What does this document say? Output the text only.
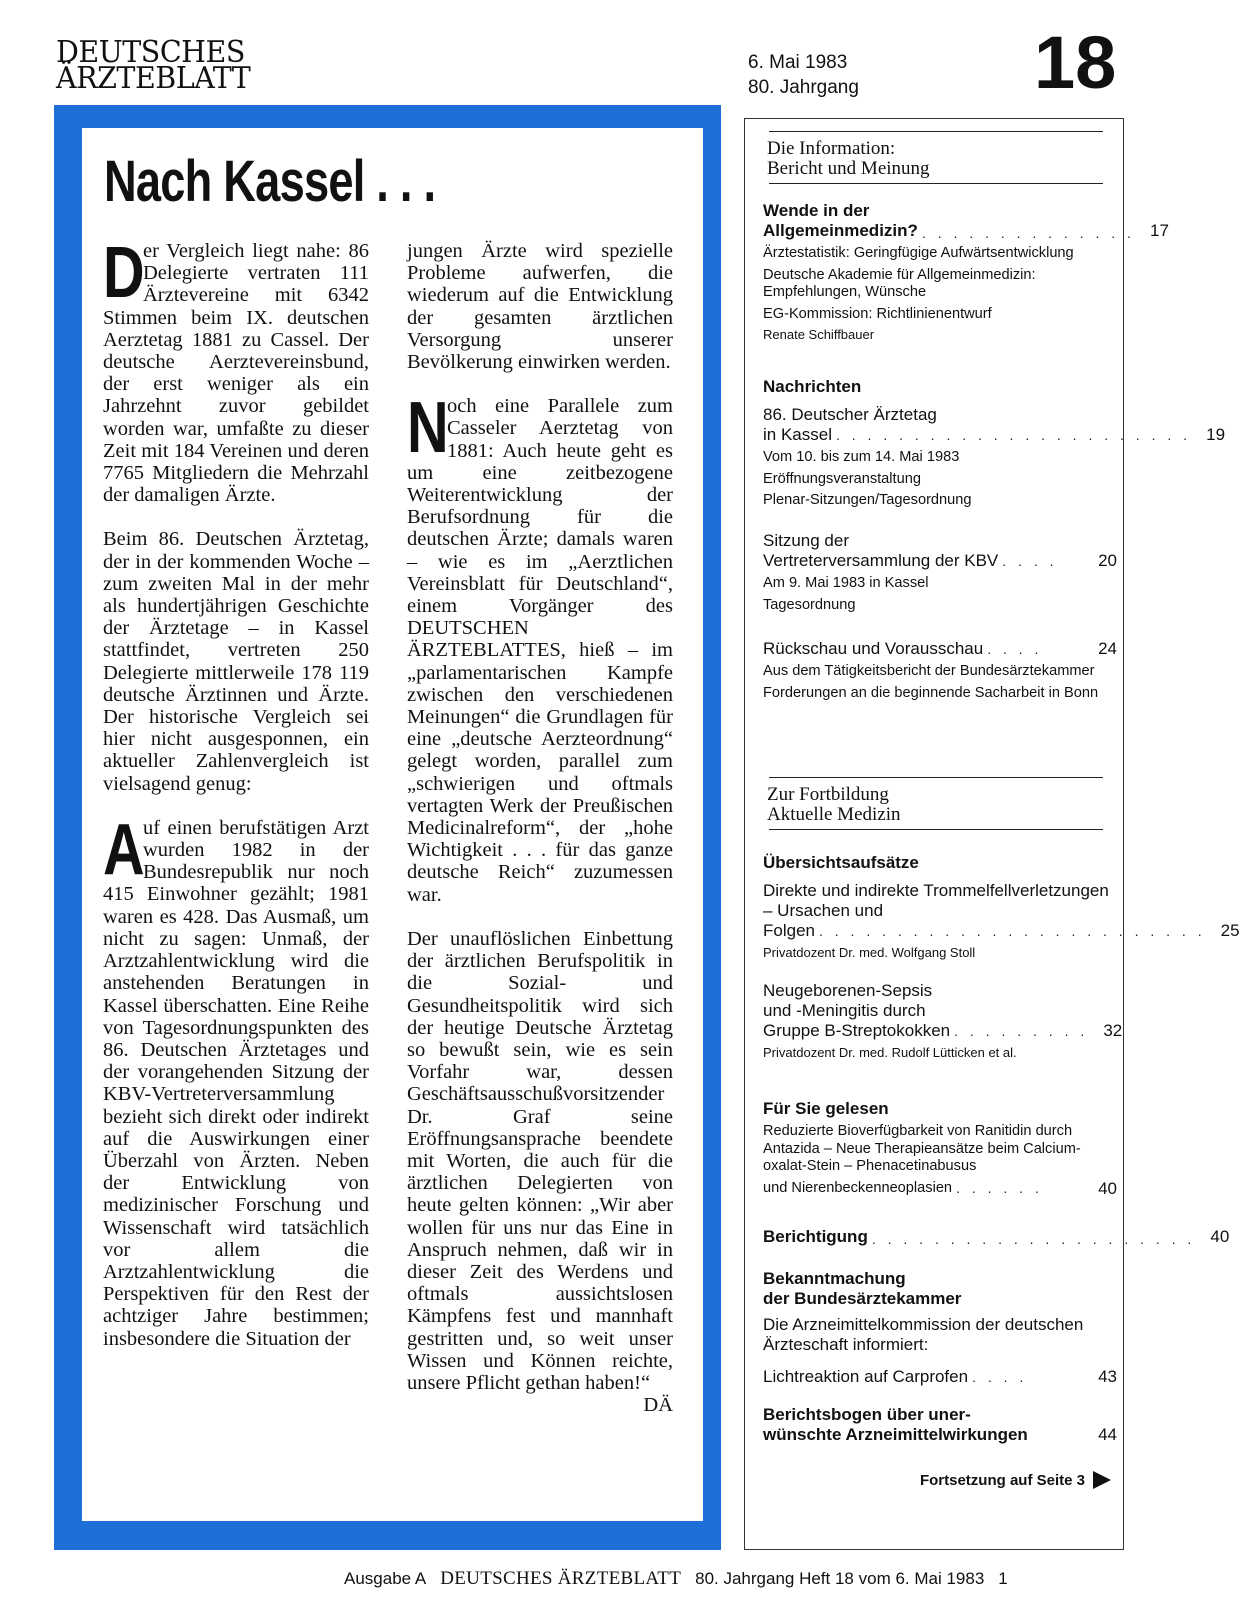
DEUTSCHES
ÄRZTEBLATT	6. Mai 1983
80. Jahrgang 18
Nach Kassel . . .

D
er Vergleich liegt nahe: 86 Delegierte vertraten 111 Ärztevereine mit 6342 Stimmen beim IX. deutschen Aerztetag 1881 zu Cassel. Der deutsche Aerztevereinsbund, der erst weniger als ein Jahrzehnt zuvor gebildet worden war, umfaßte zu dieser Zeit mit 184 Vereinen und deren 7765 Mitgliedern die Mehrzahl der damaligen Ärzte.

Beim 86. Deutschen Ärztetag, der in der kommenden Woche – zum zweiten Mal in der mehr als hundertjährigen Geschichte der Ärztetage – in Kassel stattfindet, vertreten 250 Delegierte mittlerweile 178 119 deutsche Ärztinnen und Ärzte. Der historische Vergleich sei hier nicht ausgesponnen, ein aktueller Zahlenvergleich ist vielsagend genug:

A
uf einen berufstätigen Arzt wurden 1982 in der Bundesrepublik nur noch 415 Einwohner gezählt; 1981 waren es 428. Das Ausmaß, um nicht zu sagen: Unmaß, der Arztzahlentwicklung wird die anstehenden Beratungen in Kassel überschatten. Eine Reihe von Tagesordnungspunkten des 86. Deutschen Ärztetages und der vorangehenden Sitzung der KBV-Vertreterversammlung bezieht sich direkt oder indirekt auf die Auswirkungen einer Überzahl von Ärzten. Neben der Entwicklung von medizinischer Forschung und Wissenschaft wird tatsächlich vor allem die Arztzahlentwicklung die Perspektiven für den Rest der achtziger Jahre bestimmen; insbesondere die Situation der

jungen Ärzte wird spezielle Probleme aufwerfen, die wiederum auf die Entwicklung der gesamten ärztlichen Versorgung unserer Bevölkerung einwirken werden.

N
och eine Parallele zum Casseler Aerztetag von 1881: Auch heute geht es um eine zeitbezogene Weiterentwicklung der Berufsordnung für die deutschen Ärzte; damals waren – wie es im „Aerztlichen Vereinsblatt für Deutschland“, einem Vorgänger des DEUTSCHEN ÄRZTEBLATTES, hieß – im „parlamentarischen Kampfe zwischen den verschiedenen Meinungen“ die Grundlagen für eine „deutsche Aerzteordnung“ gelegt worden, parallel zum „schwierigen und oftmals vertagten Werk der Preußischen Medicinalreform“, der „hohe Wichtigkeit . . . für das ganze deutsche Reich“ zuzumessen war.

Der unauflöslichen Einbettung der ärztlichen Berufspolitik in die Sozial- und Gesundheitspolitik wird sich der heutige Deutsche Ärztetag so bewußt sein, wie es sein Vorfahr war, dessen Geschäftsausschußvorsitzender Dr. Graf seine Eröffnungsansprache beendete mit Worten, die auch für die ärztlichen Delegierten von heute gelten können: „Wir aber wollen für uns nur das Eine in Anspruch nehmen, daß wir in dieser Zeit des Werdens und oftmals aussichtslosen Kämpfens fest und mannhaft gestritten und, so weit unser Wissen und Können reichte, unsere Pflicht gethan haben!“
DÄ

Die Information:
Bericht und Meinung
Wende in der
Allgemeinmedizin? . . . . . . . . . . . . . . 17
Ärztestatistik: Geringfügige Aufwärtsentwicklung
Deutsche Akademie für Allgemeinmedizin: Empfehlungen, Wünsche
EG-Kommission: Richtlinienentwurf
Renate Schiffbauer
Nachrichten
86. Deutscher Ärztetag
in Kassel . . . . . . . . . . . . . . . . . . . . . . . 19
Vom 10. bis zum 14. Mai 1983
Eröffnungsveranstaltung
Plenar-Sitzungen/Tagesordnung
Sitzung der
Vertreterversammlung der KBV . . . .	20
Am 9. Mai 1983 in Kassel
Tagesordnung
Rückschau und Vorausschau . . . .	24
Aus dem Tätigkeitsbericht der Bundesärztekammer
Forderungen an die beginnende Sacharbeit in Bonn
Zur Fortbildung
Aktuelle Medizin
Übersichtsaufsätze
Direkte und indirekte Trommelfellverletzungen – Ursachen und
Folgen . . . . . . . . . . . . . . . . . . . . . . . . . 25
Privatdozent Dr. med. Wolfgang Stoll
Neugeborenen-Sepsis
und -Meningitis durch
Gruppe B-Streptokokken . . . . . . . . . 32
Privatdozent Dr. med. Rudolf Lütticken et al.
Für Sie gelesen
Reduzierte Bioverfügbarkeit von Ranitidin durch Antazida – Neue Therapieansätze beim Calcium-oxalat-Stein – Phenacetinabusus
und Nierenbeckenneoplasien . . . . . .	40
Berichtigung . . . . . . . . . . . . . . . . . . . . . 40
Bekanntmachung
der Bundesärztekammer
Die Arzneimittelkommission der deutschen Ärzteschaft informiert:
Lichtreaktion auf Carprofen . . . .	43
Berichtsbogen über uner-
wünschte Arzneimittelwirkungen	44
Fortsetzung auf Seite 3
Ausgabe A DEUTSCHES ÄRZTEBLATT 80. Jahrgang Heft 18 vom 6. Mai 1983 1
